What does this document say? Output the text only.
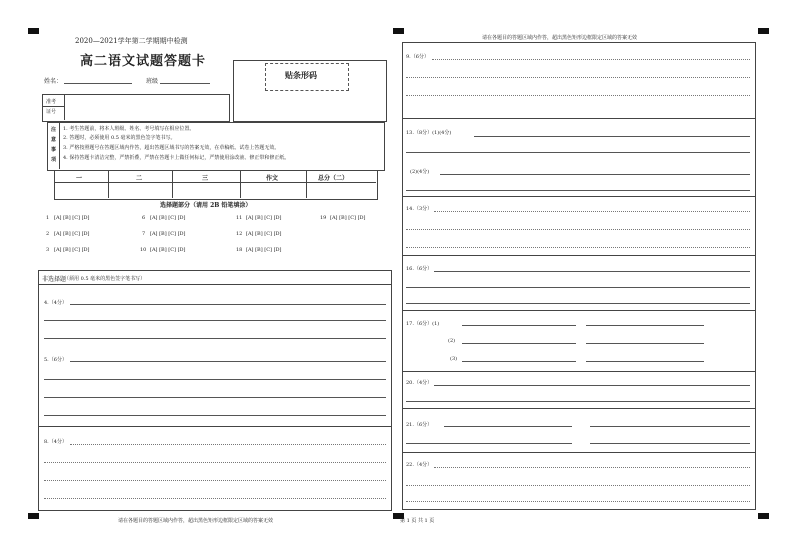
2020—2021学年第二学期期中检测
高二语文试题答题卡
姓名：	班级
贴条形码
准考
证号
注
意
事
项
1. 考生答题前，将本人班级、姓名、考号填写在相应位置。
2. 答题时，必须使用 0.5 毫米的黑色签字笔书写。
3. 严格按照题号在答题区域内作答，超出答题区域书写的答案无效，在草稿纸、试卷上答题无效。
4. 保持答题卡清洁完整，严禁折叠，严禁在答题卡上做任何标记，严禁使用涂改液、修正带和修正纸。
一	二	三	作文	总分（二）
选择题部分（请用 2B 铅笔填涂）
1 [A] [B] [C] [D]
2 [A] [B] [C] [D]
3 [A] [B] [C] [D]
6 [A] [B] [C] [D]
7 [A] [B] [C] [D]
10 [A] [B] [C] [D]
11 [A] [B] [C] [D]
12 [A] [B] [C] [D]
18 [A] [B] [C] [D]
19 [A] [B] [C] [D]
非选择题
（须用 0.5 毫米的黑色签字笔书写）
4.（4分）
5.（6分）
8.（4分）
请在各题目的答题区域内作答，超出黑色矩形边框限定区域的答案无效
请在各题目的答题区域内作答，超出黑色矩形边框限定区域的答案无效
9.（6分）
13.（8分）(1)(4分)
(2)(4分)
14.（3分）
16.（6分）
17.（6分）(1)
(2)
(3)
20.（4分）
21.（6分）
22.（4分）
第 1 页 共 1 页
